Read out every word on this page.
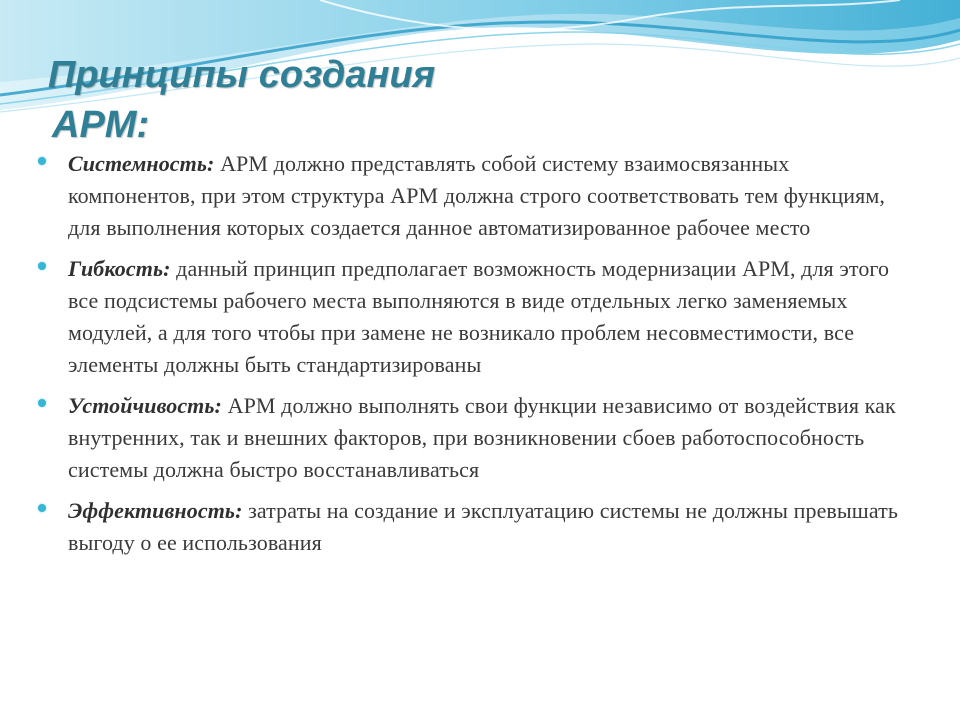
Принципы создания
АРМ:
Системность: АРМ должно представлять собой систему взаимосвязанных компонентов, при этом структура АРМ должна строго соответствовать тем функциям, для выполнения которых создается данное автоматизированное рабочее место
Гибкость: данный принцип предполагает возможность модернизации АРМ, для этого все подсистемы рабочего места выполняются в виде отдельных легко заменяемых модулей, а для того чтобы при замене не возникало проблем несовместимости, все элементы должны быть стандартизированы
Устойчивость: АРМ должно выполнять свои функции независимо от воздействия как внутренних, так и внешних факторов, при возникновении сбоев работоспособность системы должна быстро восстанавливаться
Эффективность: затраты на создание и эксплуатацию системы не должны превышать выгоду о ее использования
